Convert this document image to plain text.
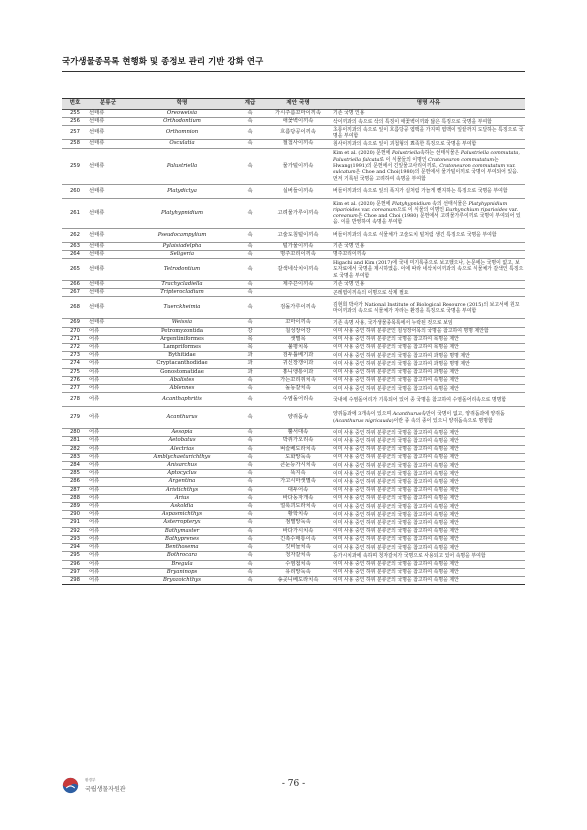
국가생물종목록 현행화 및 종정보 관리 기반 강화 연구
번호	분류군	학명	계급	제안 국명	명명 사유
255	선태류	Oreoweisia	속	가시주름꼬마이끼속	기존 국명 인용
256	선태류	Orthodontium	속	애꽃벽이끼속	삭이끼과의 속으로 삭의 특징이 애꽃벽이끼와 닮은 특징으로 국명을 부여함
257	선태류	Orthomnion	속	흐름당공이끼속	초롱이끼과의 속으로 잎이 흐름당공 엽맥을 가지며 엽맥이 잎끝까지 도달하는 특징으로 국명을 부여함
258	선태류	Osculatia	속	절첩사이끼속	침사이끼과의 속으로 잎이 괴첩형의 뾰족한 특징으로 국명을 부여함
259	선태류	Palustriella	속	물가털이끼속	Kim et al. (2020) 문헌에 Palustriella속하는 선태식물은 Palustriella commutata, Palustriella falcata로 이 식물들의 이명인 Cratoneuron commutatum는 Hwang(1991)의 문헌에서 긴잎물고사리이끼로, Cratoneuron commutatum var. sulcatum은 Choe and Choi(1980)의 문헌에서 물가털이끼로 국명이 부여되어 있음. 먼저 기록된 국명을 고려하여 속명을 부여함
260	선태류	Platydictya	속	실버들이끼속	버들이끼과의 속으로 잎의 폭지가 실처럼 가늘게 뻗지하는 특징으로 국명을 부여함
261	선태류	Platyhypnidium	속	고려물가루이끼속	Kim et al. (2020) 문헌에 Platyhypnidium 속의 선태식물은 Platyhypnidium riparioides var. coreanum으로 이 식물의 이명인 Eurhynchium riparioides var. coreanum은 Choe and Choi (1980) 문헌에서 고려물가루이끼로 국명이 부여되어 있음. 이를 반영하여 속명을 부여함
262	선태류	Pseudocampylium	속	고술도침털이끼속	버들이끼과의 속으로 식물체가 고술도치 털처럼 생긴 특징으로 국명을 부여함
263	선태류	Pylaisiadelpha	속	털가물이끼속	기존 국명 인용
264	선태류	Seligeria	속	명주꼬리이끼속	명주꼬리이끼속
265	선태류	Tetrodontium	속	갈색네삭치이끼속	Higachi and Kim (2017)에 국내 미기록종으로 보고했으나, 논문에는 국명이 없고, 보도자료에서 국명을 제시하였음. 이에 따라 네삭치이끼과의 속으로 식물체가 갈색인 특징으로 국명을 부여함
266	선태류	Trachycladiella	속	제주끈이끼속	기존 국명 인용
267	선태류	Tripterocladium	속		곤레엽이끼속의 이명으로 삭제 필요
268	선태류	Tuerckheimia	속	검돌가루이끼속	김현희 박사가 National Institute of Biological Resource (2015)의 보고서에 원꼬마이끼과의 속으로 식물체가 자라는 환경을 특징으로 국명을 부여함
269	선태류	Weissia	속	꼬마이끼속	기존 속명 사용, 국가생물종목록에서 누락된 것으로 보임
270	어류	Petromyzontida	강	칠성장어강	이미 사용 중인 하위 분류군인 칠성장어목의 국명을 참고하여 명명 제안함
271	어류	Argentiniformes	목	샛멸목	이미 사용 중인 하위 분류군의 국명을 참고하여 목명을 제안
272	어류	Lampriformes	목	불평치목	이미 사용 중인 하위 분류군의 국명을 참고하여 목명을 제안
273	어류	Bythitidae	과	검두툽베기과	이미 사용 중인 하위 분류군의 국명을 참고하여 과명을 명명 제안
274	어류	Cryptacanthodidae	과	귀신장갱이과	이미 사용 중인 하위 분류군의 국명을 참고하여 과명을 명명 제안
275	어류	Gonostomatidae	과	홍니앵통이과	이미 사용 중인 하위 분류군의 국명을 참고하여 과명을 제안
276	어류	Abalistes	속	가는꼬리쥐치속	이미 사용 중인 하위 분류군의 국명을 참고하여 속명을 제안
277	어류	Ablennes	속	돌동갈치속	이미 사용 중인 하위 분류군의 국명을 참고하여 속명을 제안
278	어류	Acanthaphritis	속	수염돌어리속	국내에 수염돌어리가 기록되어 있어 종 국명을 참고하여 수염돌어리속으로 명명함
279	어류	Acanthurus	속	양쥐돔속	양쥐돔과에 3개속이 있으며 Acanthurus속만이 국명이 없고, 양쥐돔과에 양쥐돔(Acanthurus nigricauda)이란 종 속의 종이 있으니 양쥐돔속으로 명명함
280	어류	Aesopia	속	뿔서대속	이미 사용 중인 하위 분류군의 국명을 참고하여 속명을 제안
281	어류	Aetobatus	속	박쥐가오리속	이미 사용 중인 하위 분류군의 국명을 참고하여 속명을 제안
282	어류	Alectrias	속	벼슬베도라치속	이미 사용 중인 하위 분류군의 국명을 참고하여 속명을 제안
283	어류	Amblychaeturichthys	속	도화망둑속	이미 사용 중인 하위 분류군의 국명을 참고하여 속명을 제안
284	어류	Anisarchus	속	큰눈등가시치속	이미 사용 중인 하위 분류군의 국명을 참고하여 속명을 제안
285	어류	Aptocyclus	속	뚝지속	이미 사용 중인 하위 분류군의 국명을 참고하여 속명을 제안
286	어류	Argentina	속	가고시마샛멸속	이미 사용 중인 하위 분류군의 국명을 참고하여 속명을 제안
287	어류	Aristichthys	속	대두어속	이미 사용 중인 하위 분류군의 국명을 참고하여 속명을 제안
288	어류	Arius	속	바다동자개속	이미 사용 중인 하위 분류군의 국명을 참고하여 속명을 제안
289	어류	Askoldia	속	얼룩괴도라치속	이미 사용 중인 하위 분류군의 국명을 참고하여 속명을 제안
290	어류	Aspasmichthys	속	황학치속	이미 사용 중인 하위 분류군의 국명을 참고하여 속명을 제안
291	어류	Asterropteryx	속	점별망둑속	이미 사용 중인 하위 분류군의 국명을 참고하여 속명을 제안
292	어류	Bathymaster	속	바다가시치속	이미 사용 중인 하위 분류군의 국명을 참고하여 속명을 제안
293	어류	Bathyprenes	속	긴촉수매통이속	이미 사용 중인 하위 분류군의 국명을 참고하여 속명을 제안
294	어류	Benthosema	속	깃비늘치속	이미 사용 중인 하위 분류군의 국명을 참고하여 속명을 제안
295	어류	Bothrocara	속	청자갈치속	등가시치과에 속하며 청자갈치가 국명으로 사용되고 있어 속명을 부여함
296	어류	Bregula	속	수염첨치속	이미 사용 중인 하위 분류군의 국명을 참고하여 속명을 제안
297	어류	Bryaninops	속	유리망둑속	이미 사용 중인 하위 분류군의 국명을 참고하여 속명을 제안
298	어류	Bryozoichthys	속	송곳니베도라치속	이미 사용 중인 하위 분류군의 국명을 참고하여 속명을 제안
환경부
국립생물자원관
- 76 -
